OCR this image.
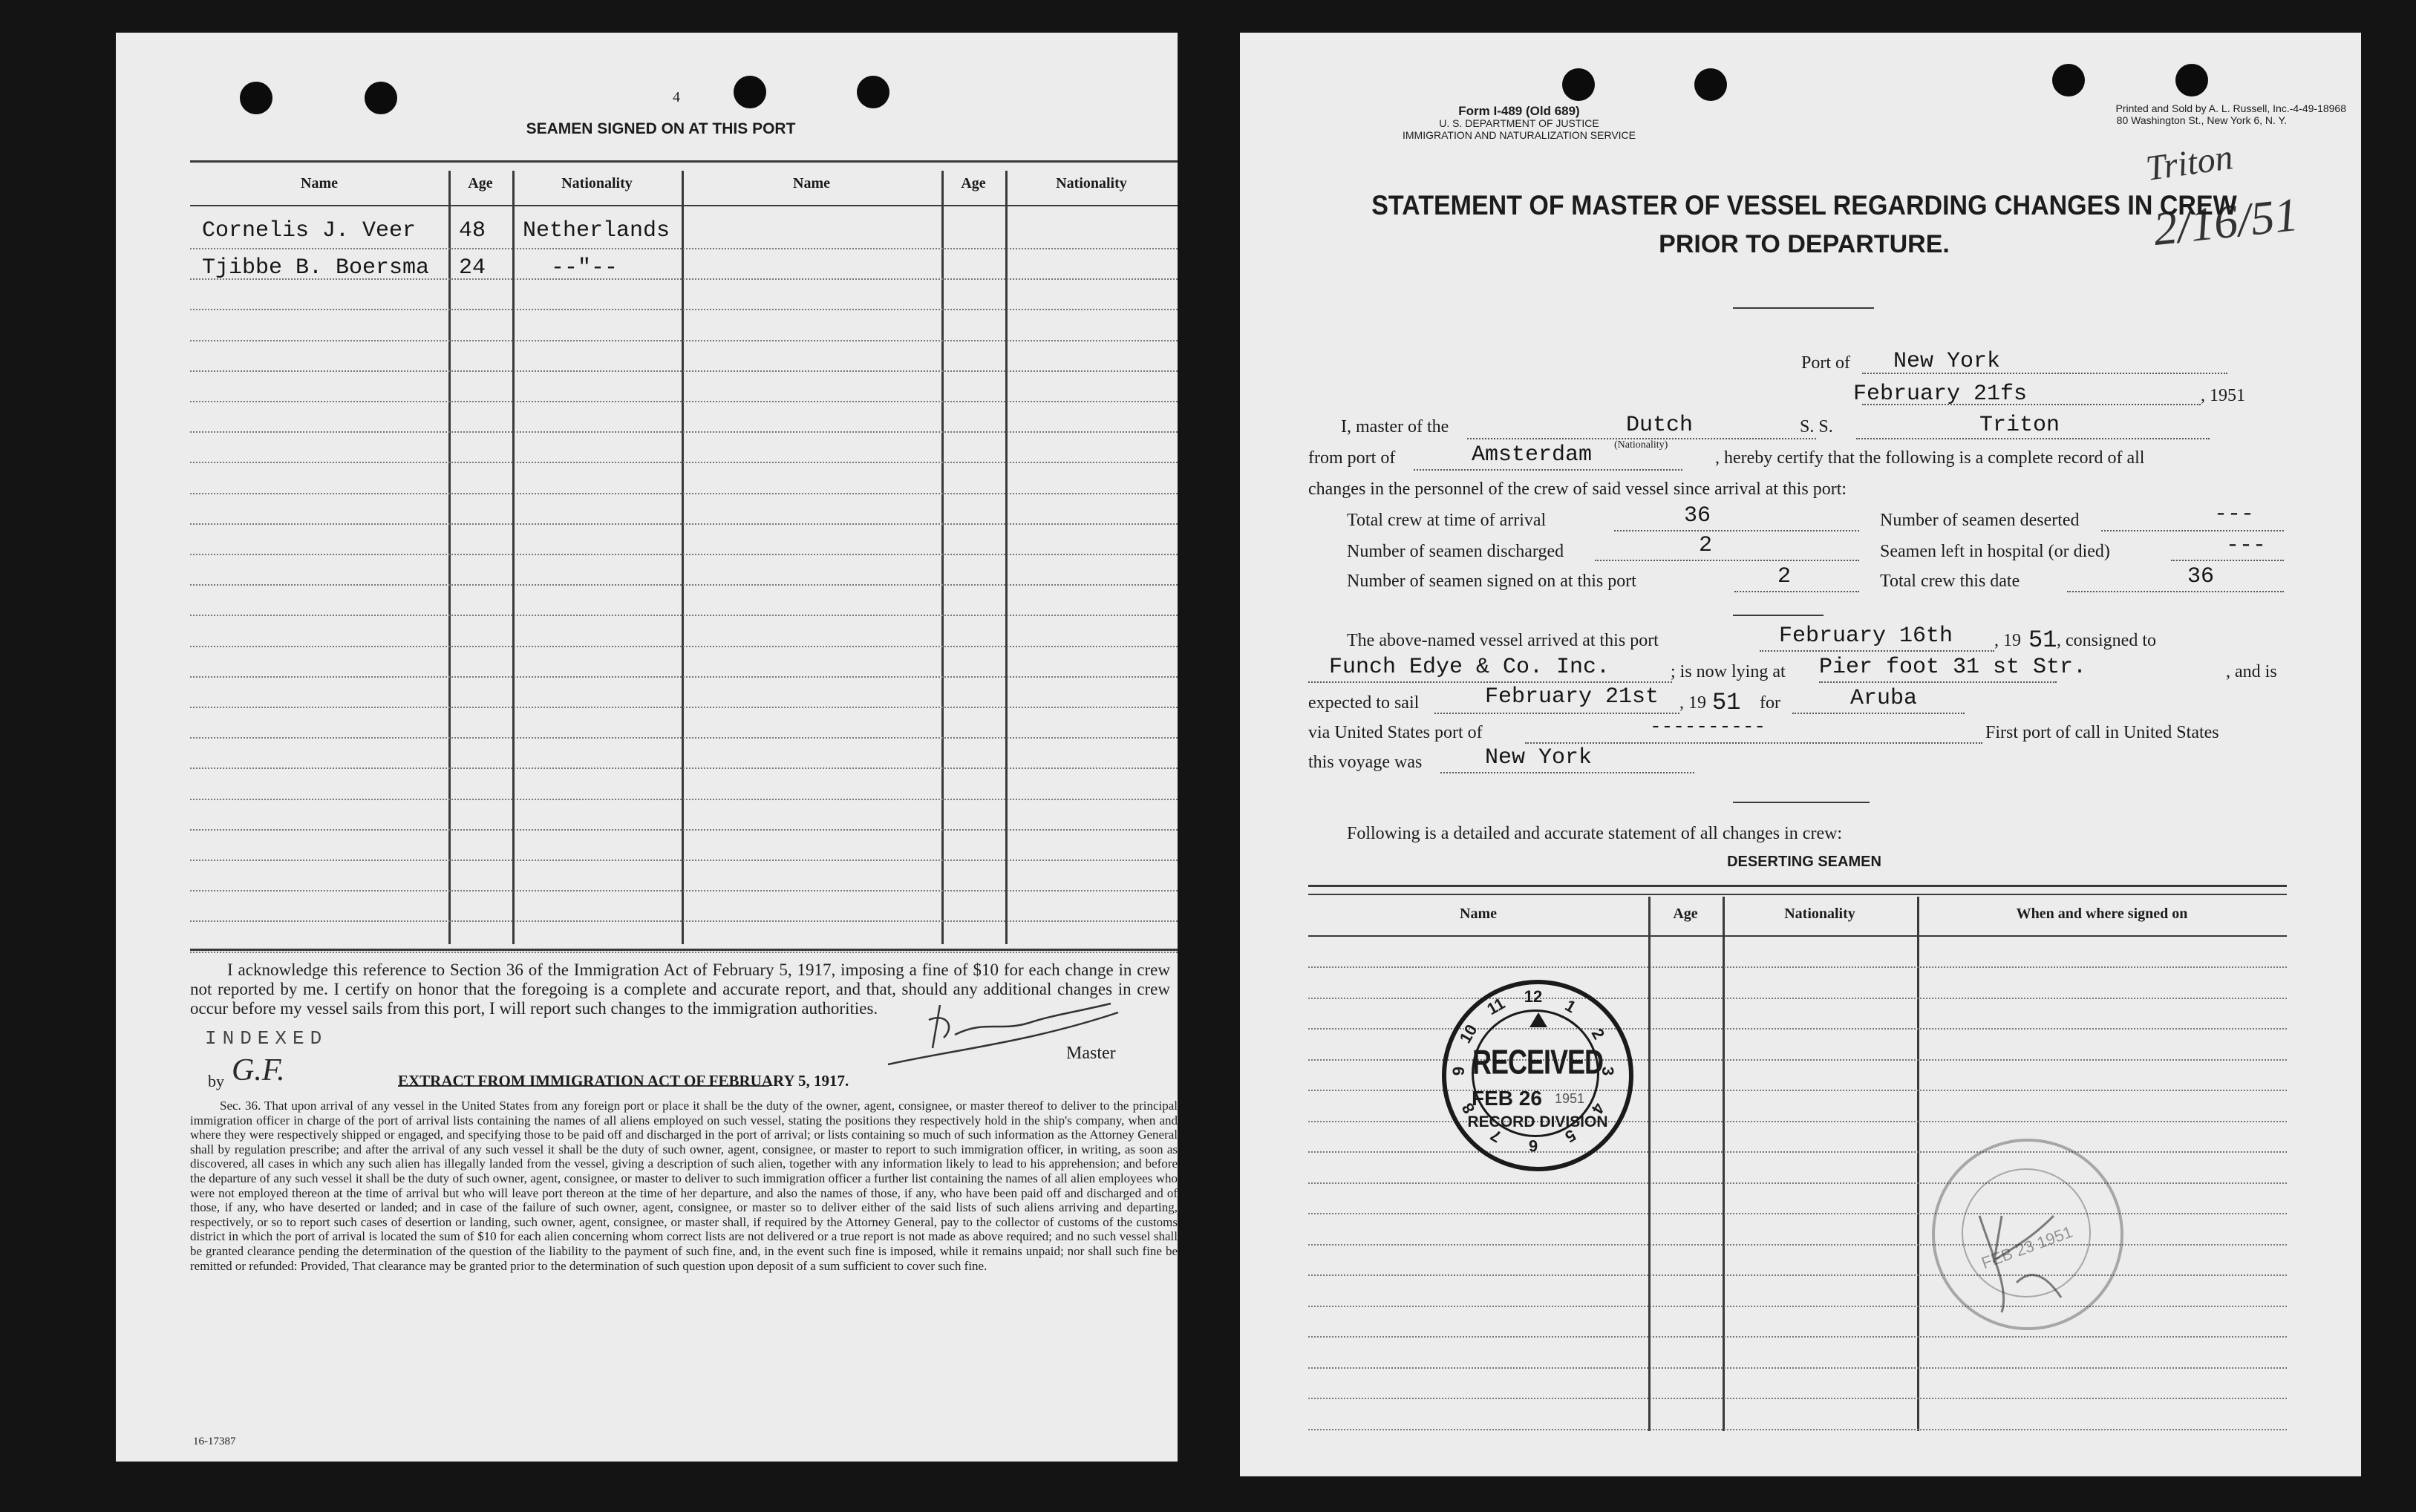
4
SEAMEN SIGNED ON AT THIS PORT
Name	Age	Nationality	Name	Age	Nationality
Cornelis J. Veer 48 Netherlands
Tjibbe B. Boersma 24	--"--
I acknowledge this reference to Section 36 of the Immigration Act of February 5, 1917, imposing a fine of $10 for each change in crew not reported by me. I certify on honor that the foregoing is a complete and accurate report, and that, should any additional changes in crew occur before my vessel sails from this port, I will report such changes to the immigration authorities.
INDEXED
by G.F.	Master
EXTRACT FROM IMMIGRATION ACT OF FEBRUARY 5, 1917.
Sec. 36. That upon arrival of any vessel in the United States from any foreign port or place it shall be the duty of the owner, agent, consignee, or master thereof to deliver to the principal immigration officer in charge of the port of arrival lists containing the names of all aliens employed on such vessel, stating the positions they respectively hold in the ship's company, when and where they were respectively shipped or engaged, and specifying those to be paid off and discharged in the port of arrival; or lists containing so much of such information as the Attorney General shall by regulation prescribe; and after the arrival of any such vessel it shall be the duty of such owner, agent, consignee, or master to report to such immigration officer, in writing, as soon as discovered, all cases in which any such alien has illegally landed from the vessel, giving a description of such alien, together with any information likely to lead to his apprehension; and before the departure of any such vessel it shall be the duty of such owner, agent, consignee, or master to deliver to such immigration officer a further list containing the names of all alien employees who were not employed thereon at the time of arrival but who will leave port thereon at the time of her departure, and also the names of those, if any, who have been paid off and discharged and of those, if any, who have deserted or landed; and in case of the failure of such owner, agent, consignee, or master so to deliver either of the said lists of such aliens arriving and departing, respectively, or so to report such cases of desertion or landing, such owner, agent, consignee, or master shall, if required by the Attorney General, pay to the collector of customs of the customs district in which the port of arrival is located the sum of $10 for each alien concerning whom correct lists are not delivered or a true report is not made as above required; and no such vessel shall be granted clearance pending the determination of the question of the liability to the payment of such fine, and, in the event such fine is imposed, while it remains unpaid; nor shall such fine be remitted or refunded: Provided, That clearance may be granted prior to the determination of such question upon deposit of a sum sufficient to cover such fine.
16-17387
Form I-489 (Old 689)
U. S. DEPARTMENT OF JUSTICE
IMMIGRATION AND NATURALIZATION SERVICE
Printed and Sold by A. L. Russell, Inc.-4-49-18968
80 Washington St., New York 6, N. Y.
Triton
2/16/51
STATEMENT OF MASTER OF VESSEL REGARDING CHANGES IN CREW
PRIOR TO DEPARTURE.
Port of New York
February 21fs	, 1951
I, master of the	Dutch
(Nationality)
S. S.	Triton
from port of	Amsterdam	, hereby certify that the following is a complete record of all
changes in the personnel of the crew of said vessel since arrival at this port:
Total crew at time of arrival	36
Number of seamen discharged	2
Number of seamen signed on at this port	2
Number of seamen deserted	---
Seamen left in hospital (or died)	---
Total crew this date	36
The above-named vessel arrived at this port	February 16th , 19 51 , consigned to
Funch Edye & Co. Inc.	; is now lying at Pier foot 31 st Str.	, and is
expected to sail	February 21st , 19 51 for	Aruba
via United States port of	----------	First port of call in United States
this voyage was	New York
Following is a detailed and accurate statement of all changes in crew:
DESERTING SEAMEN
Name	Age	Nationality	When and where signed on
12	1
2
3
4
5
6
7
8
9
10
11
RECEIVED
FEB 26 1951
RECORD DIVISION
FEB 23 1951
